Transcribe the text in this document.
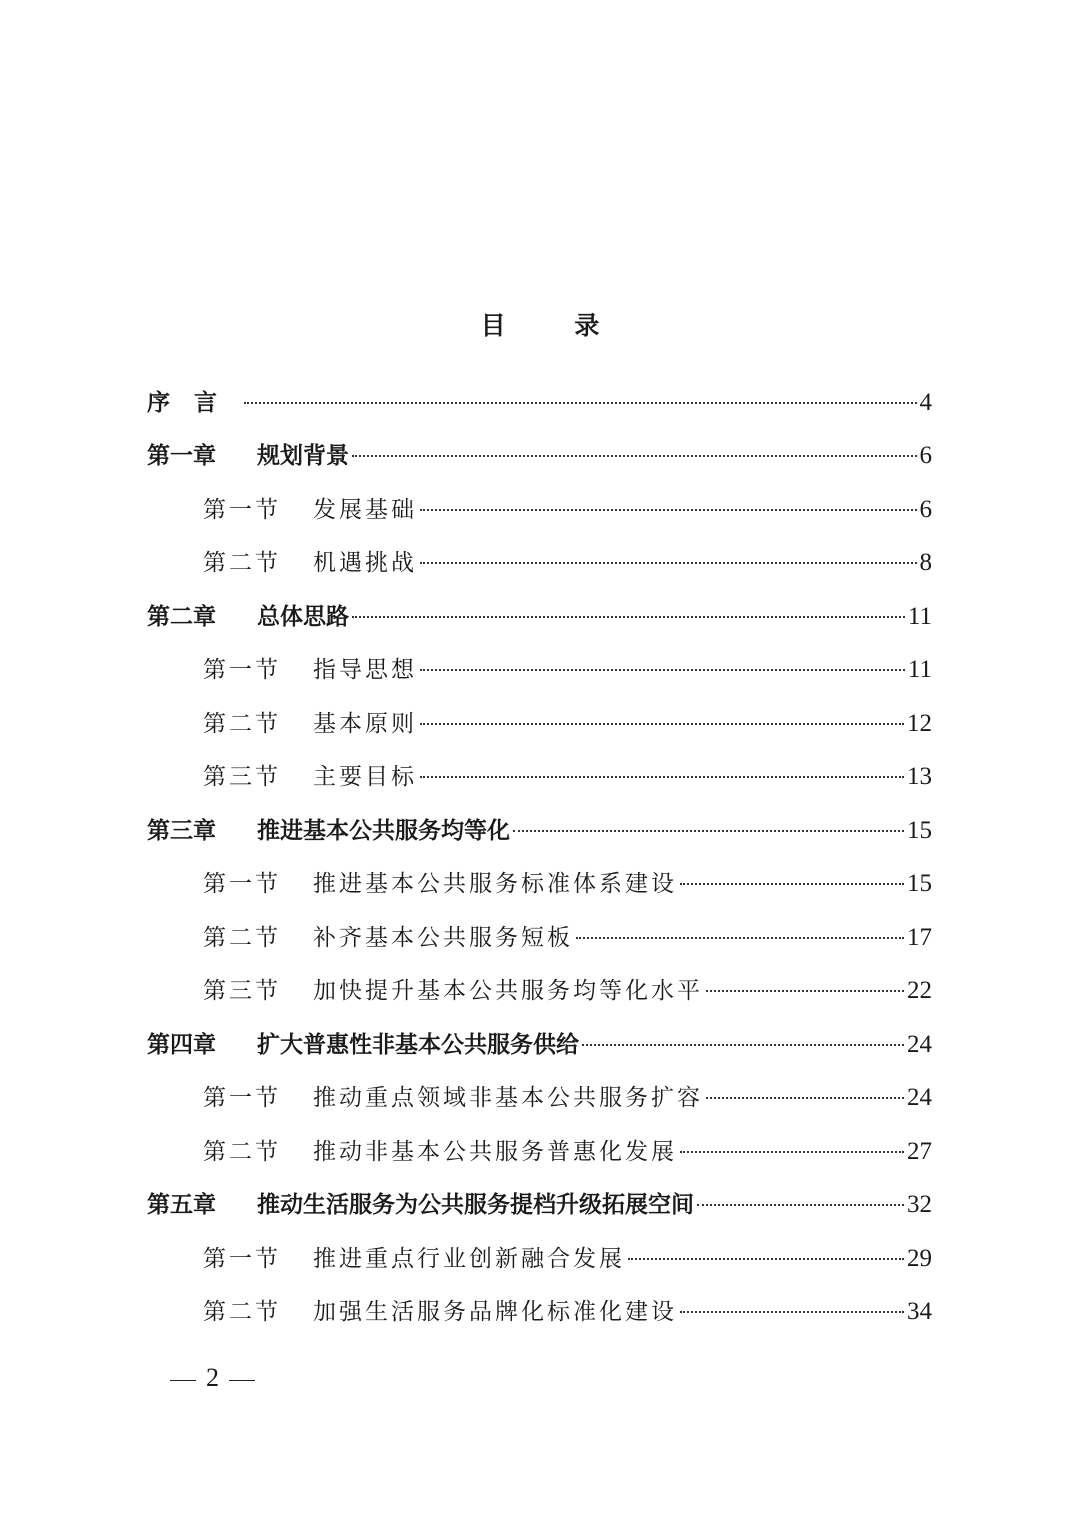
目 录
序言	4
第一章	规划背景	6
第一节	发展基础	6
第二节	机遇挑战	8
第二章	总体思路	11
第一节	指导思想	11
第二节	基本原则	12
第三节	主要目标	13
第三章	推进基本公共服务均等化	15
第一节	推进基本公共服务标准体系建设	15
第二节	补齐基本公共服务短板	17
第三节	加快提升基本公共服务均等化水平	22
第四章	扩大普惠性非基本公共服务供给	24
第一节	推动重点领域非基本公共服务扩容	24
第二节	推动非基本公共服务普惠化发展	27
第五章	推动生活服务为公共服务提档升级拓展空间	32
第一节	推进重点行业创新融合发展	29
第二节	加强生活服务品牌化标准化建设	34
2
